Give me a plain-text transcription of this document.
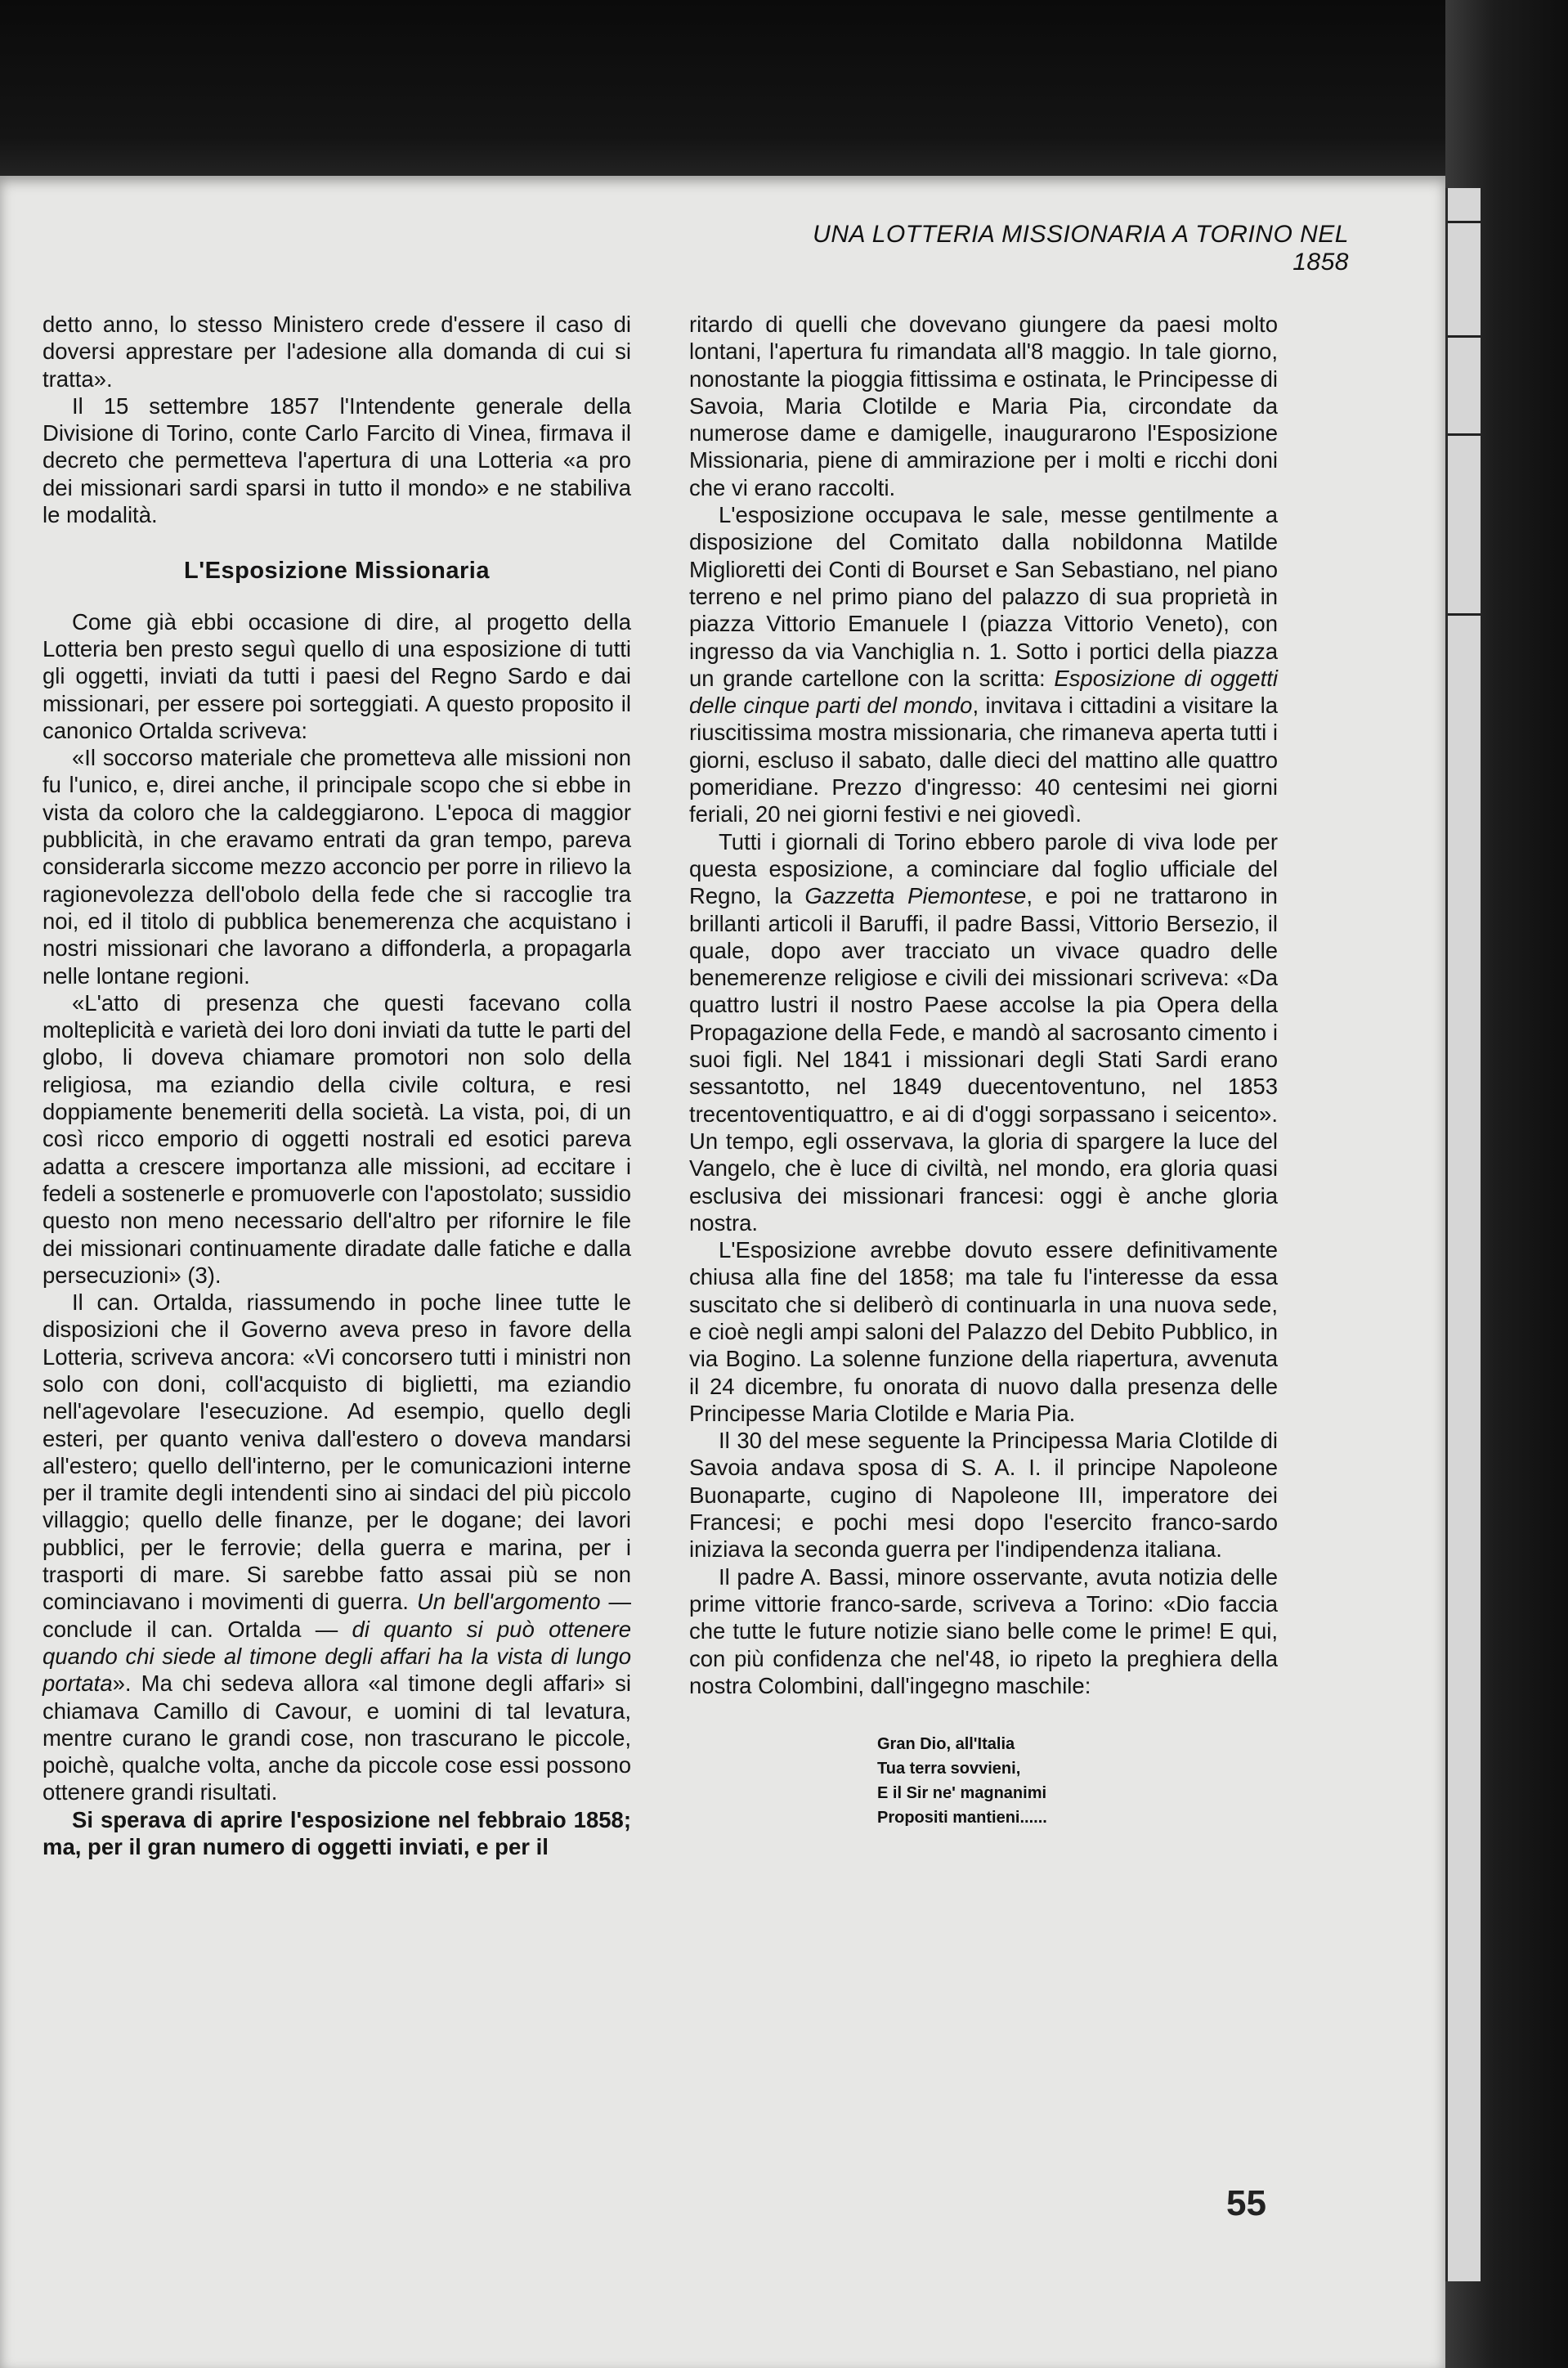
UNA LOTTERIA MISSIONARIA A TORINO NEL 1858

detto anno, lo stesso Ministero crede d'essere il caso di doversi apprestare per l'adesione alla domanda di cui si tratta».

Il 15 settembre 1857 l'Intendente generale della Divisione di Torino, conte Carlo Farcito di Vinea, firmava il decreto che permetteva l'apertura di una Lotteria «a pro dei missionari sardi sparsi in tutto il mondo» e ne stabiliva le modalità.

L'Esposizione Missionaria

Come già ebbi occasione di dire, al progetto della Lotteria ben presto seguì quello di una esposizione di tutti gli oggetti, inviati da tutti i paesi del Regno Sardo e dai missionari, per essere poi sorteggiati. A questo proposito il canonico Ortalda scriveva:

«Il soccorso materiale che prometteva alle missioni non fu l'unico, e, direi anche, il principale scopo che si ebbe in vista da coloro che la caldeggiarono. L'epoca di maggior pubblicità, in che eravamo entrati da gran tempo, pareva considerarla siccome mezzo acconcio per porre in rilievo la ragionevolezza dell'obolo della fede che si raccoglie tra noi, ed il titolo di pubblica benemerenza che acquistano i nostri missionari che lavorano a diffonderla, a propagarla nelle lontane regioni.

«L'atto di presenza che questi facevano colla molteplicità e varietà dei loro doni inviati da tutte le parti del globo, li doveva chiamare promotori non solo della religiosa, ma eziandio della civile coltura, e resi doppiamente benemeriti della società. La vista, poi, di un così ricco emporio di oggetti nostrali ed esotici pareva adatta a crescere importanza alle missioni, ad eccitare i fedeli a sostenerle e promuoverle con l'apostolato; sussidio questo non meno necessario dell'altro per rifornire le file dei missionari continuamente diradate dalle fatiche e dalla persecuzioni» (3).

Il can. Ortalda, riassumendo in poche linee tutte le disposizioni che il Governo aveva preso in favore della Lotteria, scriveva ancora: «Vi concorsero tutti i ministri non solo con doni, coll'acquisto di biglietti, ma eziandio nell'agevolare l'esecuzione. Ad esempio, quello degli esteri, per quanto veniva dall'estero o doveva mandarsi all'estero; quello dell'interno, per le comunicazioni interne per il tramite degli intendenti sino ai sindaci del più piccolo villaggio; quello delle finanze, per le dogane; dei lavori pubblici, per le ferrovie; della guerra e marina, per i trasporti di mare. Si sarebbe fatto assai più se non cominciavano i movimenti di guerra. Un bell'argomento — conclude il can. Ortalda — di quanto si può ottenere quando chi siede al timone degli affari ha la vista di lungo portata». Ma chi sedeva allora «al timone degli affari» si chiamava Camillo di Cavour, e uomini di tal levatura, mentre curano le grandi cose, non trascurano le piccole, poichè, qualche volta, anche da piccole cose essi possono ottenere grandi risultati.

Si sperava di aprire l'esposizione nel febbraio 1858; ma, per il gran numero di oggetti inviati, e per il

ritardo di quelli che dovevano giungere da paesi molto lontani, l'apertura fu rimandata all'8 maggio. In tale giorno, nonostante la pioggia fittissima e ostinata, le Principesse di Savoia, Maria Clotilde e Maria Pia, circondate da numerose dame e damigelle, inaugurarono l'Esposizione Missionaria, piene di ammirazione per i molti e ricchi doni che vi erano raccolti.

L'esposizione occupava le sale, messe gentilmente a disposizione del Comitato dalla nobildonna Matilde Miglioretti dei Conti di Bourset e San Sebastiano, nel piano terreno e nel primo piano del palazzo di sua proprietà in piazza Vittorio Emanuele I (piazza Vittorio Veneto), con ingresso da via Vanchiglia n. 1. Sotto i portici della piazza un grande cartellone con la scritta: Esposizione di oggetti delle cinque parti del mondo, invitava i cittadini a visitare la riuscitissima mostra missionaria, che rimaneva aperta tutti i giorni, escluso il sabato, dalle dieci del mattino alle quattro pomeridiane. Prezzo d'ingresso: 40 centesimi nei giorni feriali, 20 nei giorni festivi e nei giovedì.

Tutti i giornali di Torino ebbero parole di viva lode per questa esposizione, a cominciare dal foglio ufficiale del Regno, la Gazzetta Piemontese, e poi ne trattarono in brillanti articoli il Baruffi, il padre Bassi, Vittorio Bersezio, il quale, dopo aver tracciato un vivace quadro delle benemerenze religiose e civili dei missionari scriveva: «Da quattro lustri il nostro Paese accolse la pia Opera della Propagazione della Fede, e mandò al sacrosanto cimento i suoi figli. Nel 1841 i missionari degli Stati Sardi erano sessantotto, nel 1849 duecentoventuno, nel 1853 trecentoventiquattro, e ai di d'oggi sorpassano i seicento». Un tempo, egli osservava, la gloria di spargere la luce del Vangelo, che è luce di civiltà, nel mondo, era gloria quasi esclusiva dei missionari francesi: oggi è anche gloria nostra.

L'Esposizione avrebbe dovuto essere definitivamente chiusa alla fine del 1858; ma tale fu l'interesse da essa suscitato che si deliberò di continuarla in una nuova sede, e cioè negli ampi saloni del Palazzo del Debito Pubblico, in via Bogino. La solenne funzione della riapertura, avvenuta il 24 dicembre, fu onorata di nuovo dalla presenza delle Principesse Maria Clotilde e Maria Pia.

Il 30 del mese seguente la Principessa Maria Clotilde di Savoia andava sposa di S. A. I. il principe Napoleone Buonaparte, cugino di Napoleone III, imperatore dei Francesi; e pochi mesi dopo l'esercito franco-sardo iniziava la seconda guerra per l'indipendenza italiana.

Il padre A. Bassi, minore osservante, avuta notizia delle prime vittorie franco-sarde, scriveva a Torino: «Dio faccia che tutte le future notizie siano belle come le prime! E qui, con più confidenza che nel'48, io ripeto la preghiera della nostra Colombini, dall'ingegno maschile:

Gran Dio, all'Italia
Tua terra sovvieni,
E il Sir ne' magnanimi
Propositi mantieni......
55
